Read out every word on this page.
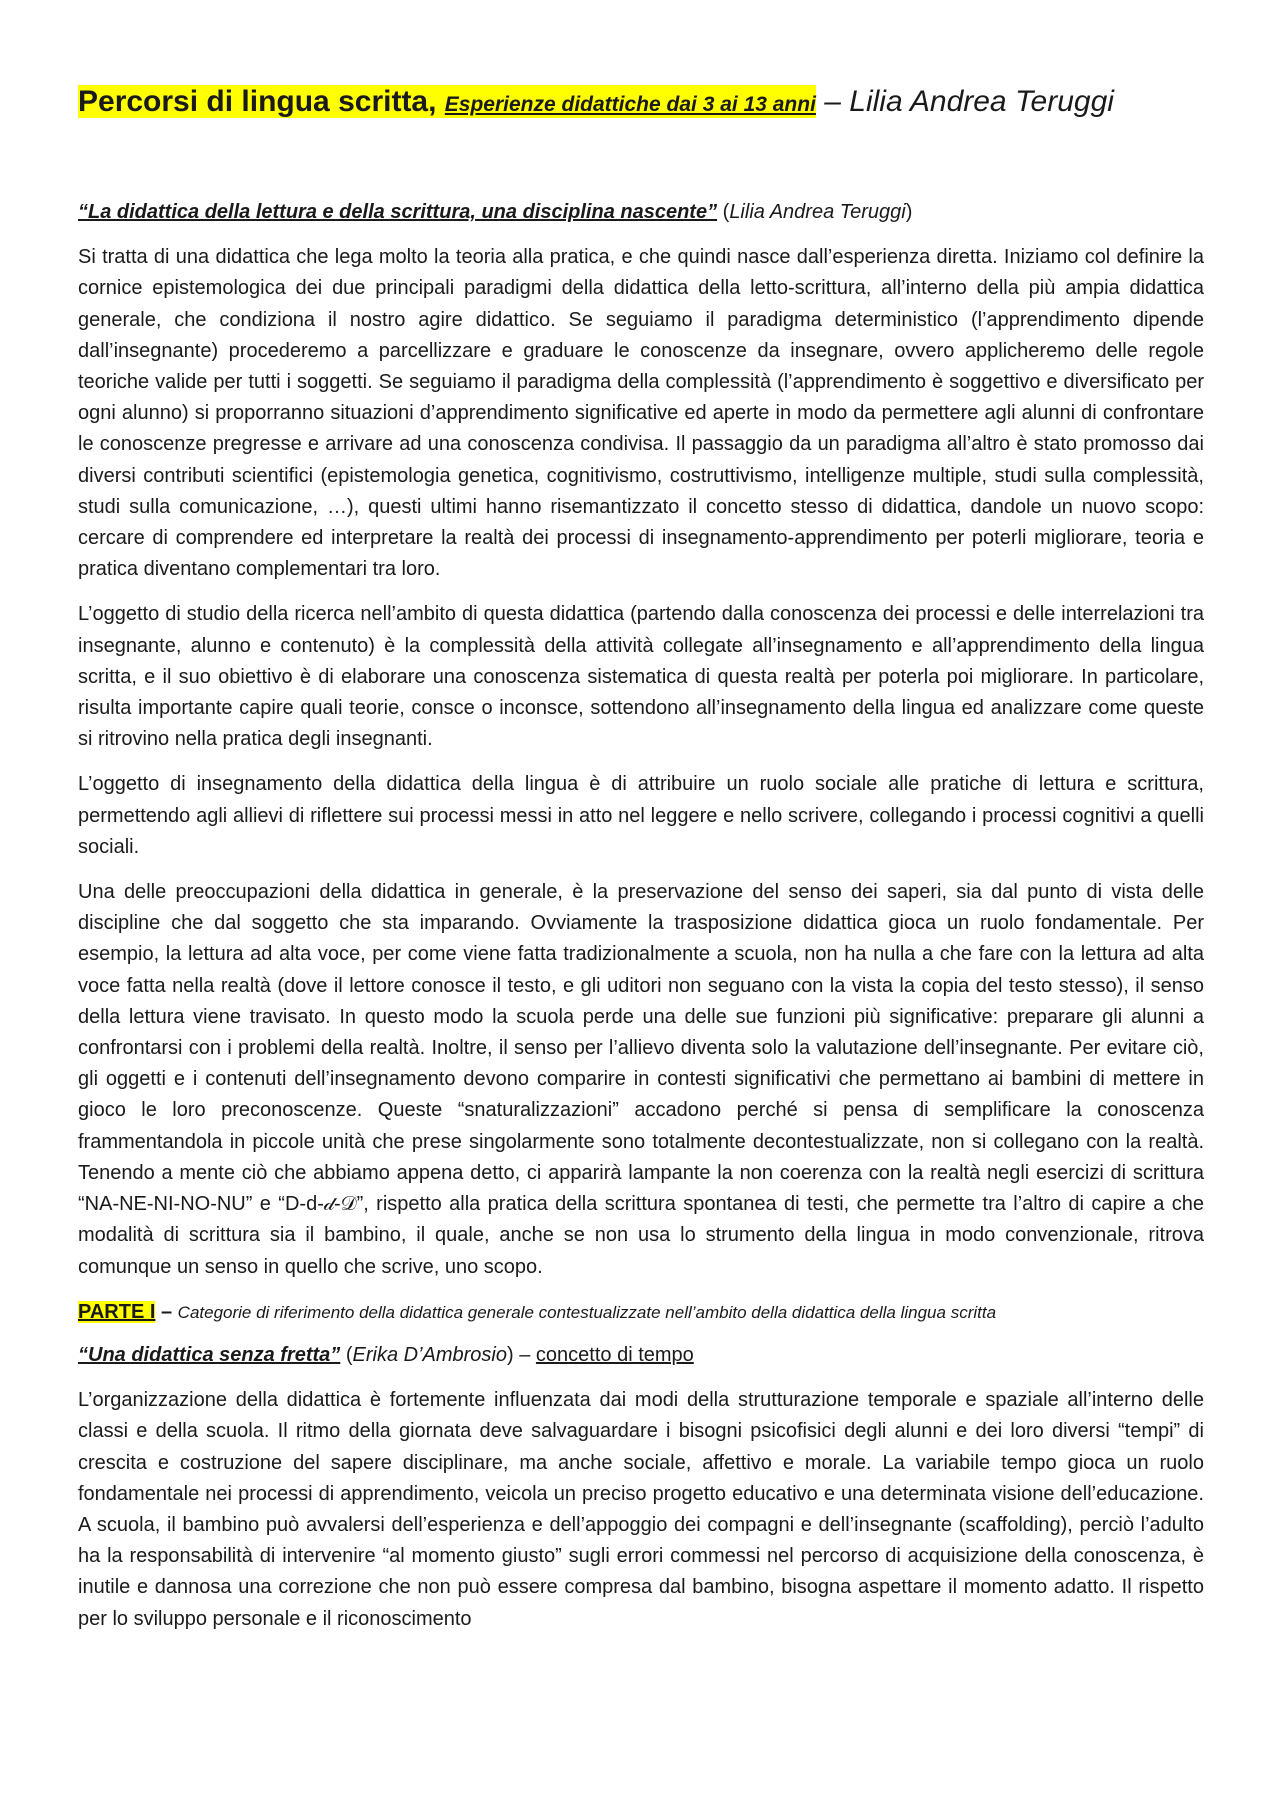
Percorsi di lingua scritta, Esperienze didattiche dai 3 ai 13 anni – Lilia Andrea Teruggi
“La didattica della lettura e della scrittura, una disciplina nascente” (Lilia Andrea Teruggi)

Si tratta di una didattica che lega molto la teoria alla pratica, e che quindi nasce dall’esperienza diretta. Iniziamo col definire la cornice epistemologica dei due principali paradigmi della didattica della letto-scrittura, all’interno della più ampia didattica generale, che condiziona il nostro agire didattico. Se seguiamo il paradigma deterministico (l’apprendimento dipende dall’insegnante) procederemo a parcellizzare e graduare le conoscenze da insegnare, ovvero applicheremo delle regole teoriche valide per tutti i soggetti. Se seguiamo il paradigma della complessità (l’apprendimento è soggettivo e diversificato per ogni alunno) si proporranno situazioni d’apprendimento significative ed aperte in modo da permettere agli alunni di confrontare le conoscenze pregresse e arrivare ad una conoscenza condivisa. Il passaggio da un paradigma all’altro è stato promosso dai diversi contributi scientifici (epistemologia genetica, cognitivismo, costruttivismo, intelligenze multiple, studi sulla complessità, studi sulla comunicazione, …), questi ultimi hanno risemantizzato il concetto stesso di didattica, dandole un nuovo scopo: cercare di comprendere ed interpretare la realtà dei processi di insegnamento-apprendimento per poterli migliorare, teoria e pratica diventano complementari tra loro.

L’oggetto di studio della ricerca nell’ambito di questa didattica (partendo dalla conoscenza dei processi e delle interrelazioni tra insegnante, alunno e contenuto) è la complessità della attività collegate all’insegnamento e all’apprendimento della lingua scritta, e il suo obiettivo è di elaborare una conoscenza sistematica di questa realtà per poterla poi migliorare. In particolare, risulta importante capire quali teorie, consce o inconsce, sottendono all’insegnamento della lingua ed analizzare come queste si ritrovino nella pratica degli insegnanti.

L’oggetto di insegnamento della didattica della lingua è di attribuire un ruolo sociale alle pratiche di lettura e scrittura, permettendo agli allievi di riflettere sui processi messi in atto nel leggere e nello scrivere, collegando i processi cognitivi a quelli sociali.

Una delle preoccupazioni della didattica in generale, è la preservazione del senso dei saperi, sia dal punto di vista delle discipline che dal soggetto che sta imparando. Ovviamente la trasposizione didattica gioca un ruolo fondamentale. Per esempio, la lettura ad alta voce, per come viene fatta tradizionalmente a scuola, non ha nulla a che fare con la lettura ad alta voce fatta nella realtà (dove il lettore conosce il testo, e gli uditori non seguano con la vista la copia del testo stesso), il senso della lettura viene travisato. In questo modo la scuola perde una delle sue funzioni più significative: preparare gli alunni a confrontarsi con i problemi della realtà. Inoltre, il senso per l’allievo diventa solo la valutazione dell’insegnante. Per evitare ciò, gli oggetti e i contenuti dell’insegnamento devono comparire in contesti significativi che permettano ai bambini di mettere in gioco le loro preconoscenze. Queste “snaturalizzazioni” accadono perché si pensa di semplificare la conoscenza frammentandola in piccole unità che prese singolarmente sono totalmente decontestualizzate, non si collegano con la realtà. Tenendo a mente ciò che abbiamo appena detto, ci apparirà lampante la non coerenza con la realtà negli esercizi di scrittura “NA-NE-NI-NO-NU” e “D-d-𝒹-𝒟”, rispetto alla pratica della scrittura spontanea di testi, che permette tra l’altro di capire a che modalità di scrittura sia il bambino, il quale, anche se non usa lo strumento della lingua in modo convenzionale, ritrova comunque un senso in quello che scrive, uno scopo.

PARTE I – Categorie di riferimento della didattica generale contestualizzate nell’ambito della didattica della lingua scritta
“Una didattica senza fretta” (Erika D’Ambrosio) – concetto di tempo

L’organizzazione della didattica è fortemente influenzata dai modi della strutturazione temporale e spaziale all’interno delle classi e della scuola. Il ritmo della giornata deve salvaguardare i bisogni psicofisici degli alunni e dei loro diversi “tempi” di crescita e costruzione del sapere disciplinare, ma anche sociale, affettivo e morale. La variabile tempo gioca un ruolo fondamentale nei processi di apprendimento, veicola un preciso progetto educativo e una determinata visione dell’educazione. A scuola, il bambino può avvalersi dell’esperienza e dell’appoggio dei compagni e dell’insegnante (scaffolding), perciò l’adulto ha la responsabilità di intervenire “al momento giusto” sugli errori commessi nel percorso di acquisizione della conoscenza, è inutile e dannosa una correzione che non può essere compresa dal bambino, bisogna aspettare il momento adatto. Il rispetto per lo sviluppo personale e il riconoscimento
